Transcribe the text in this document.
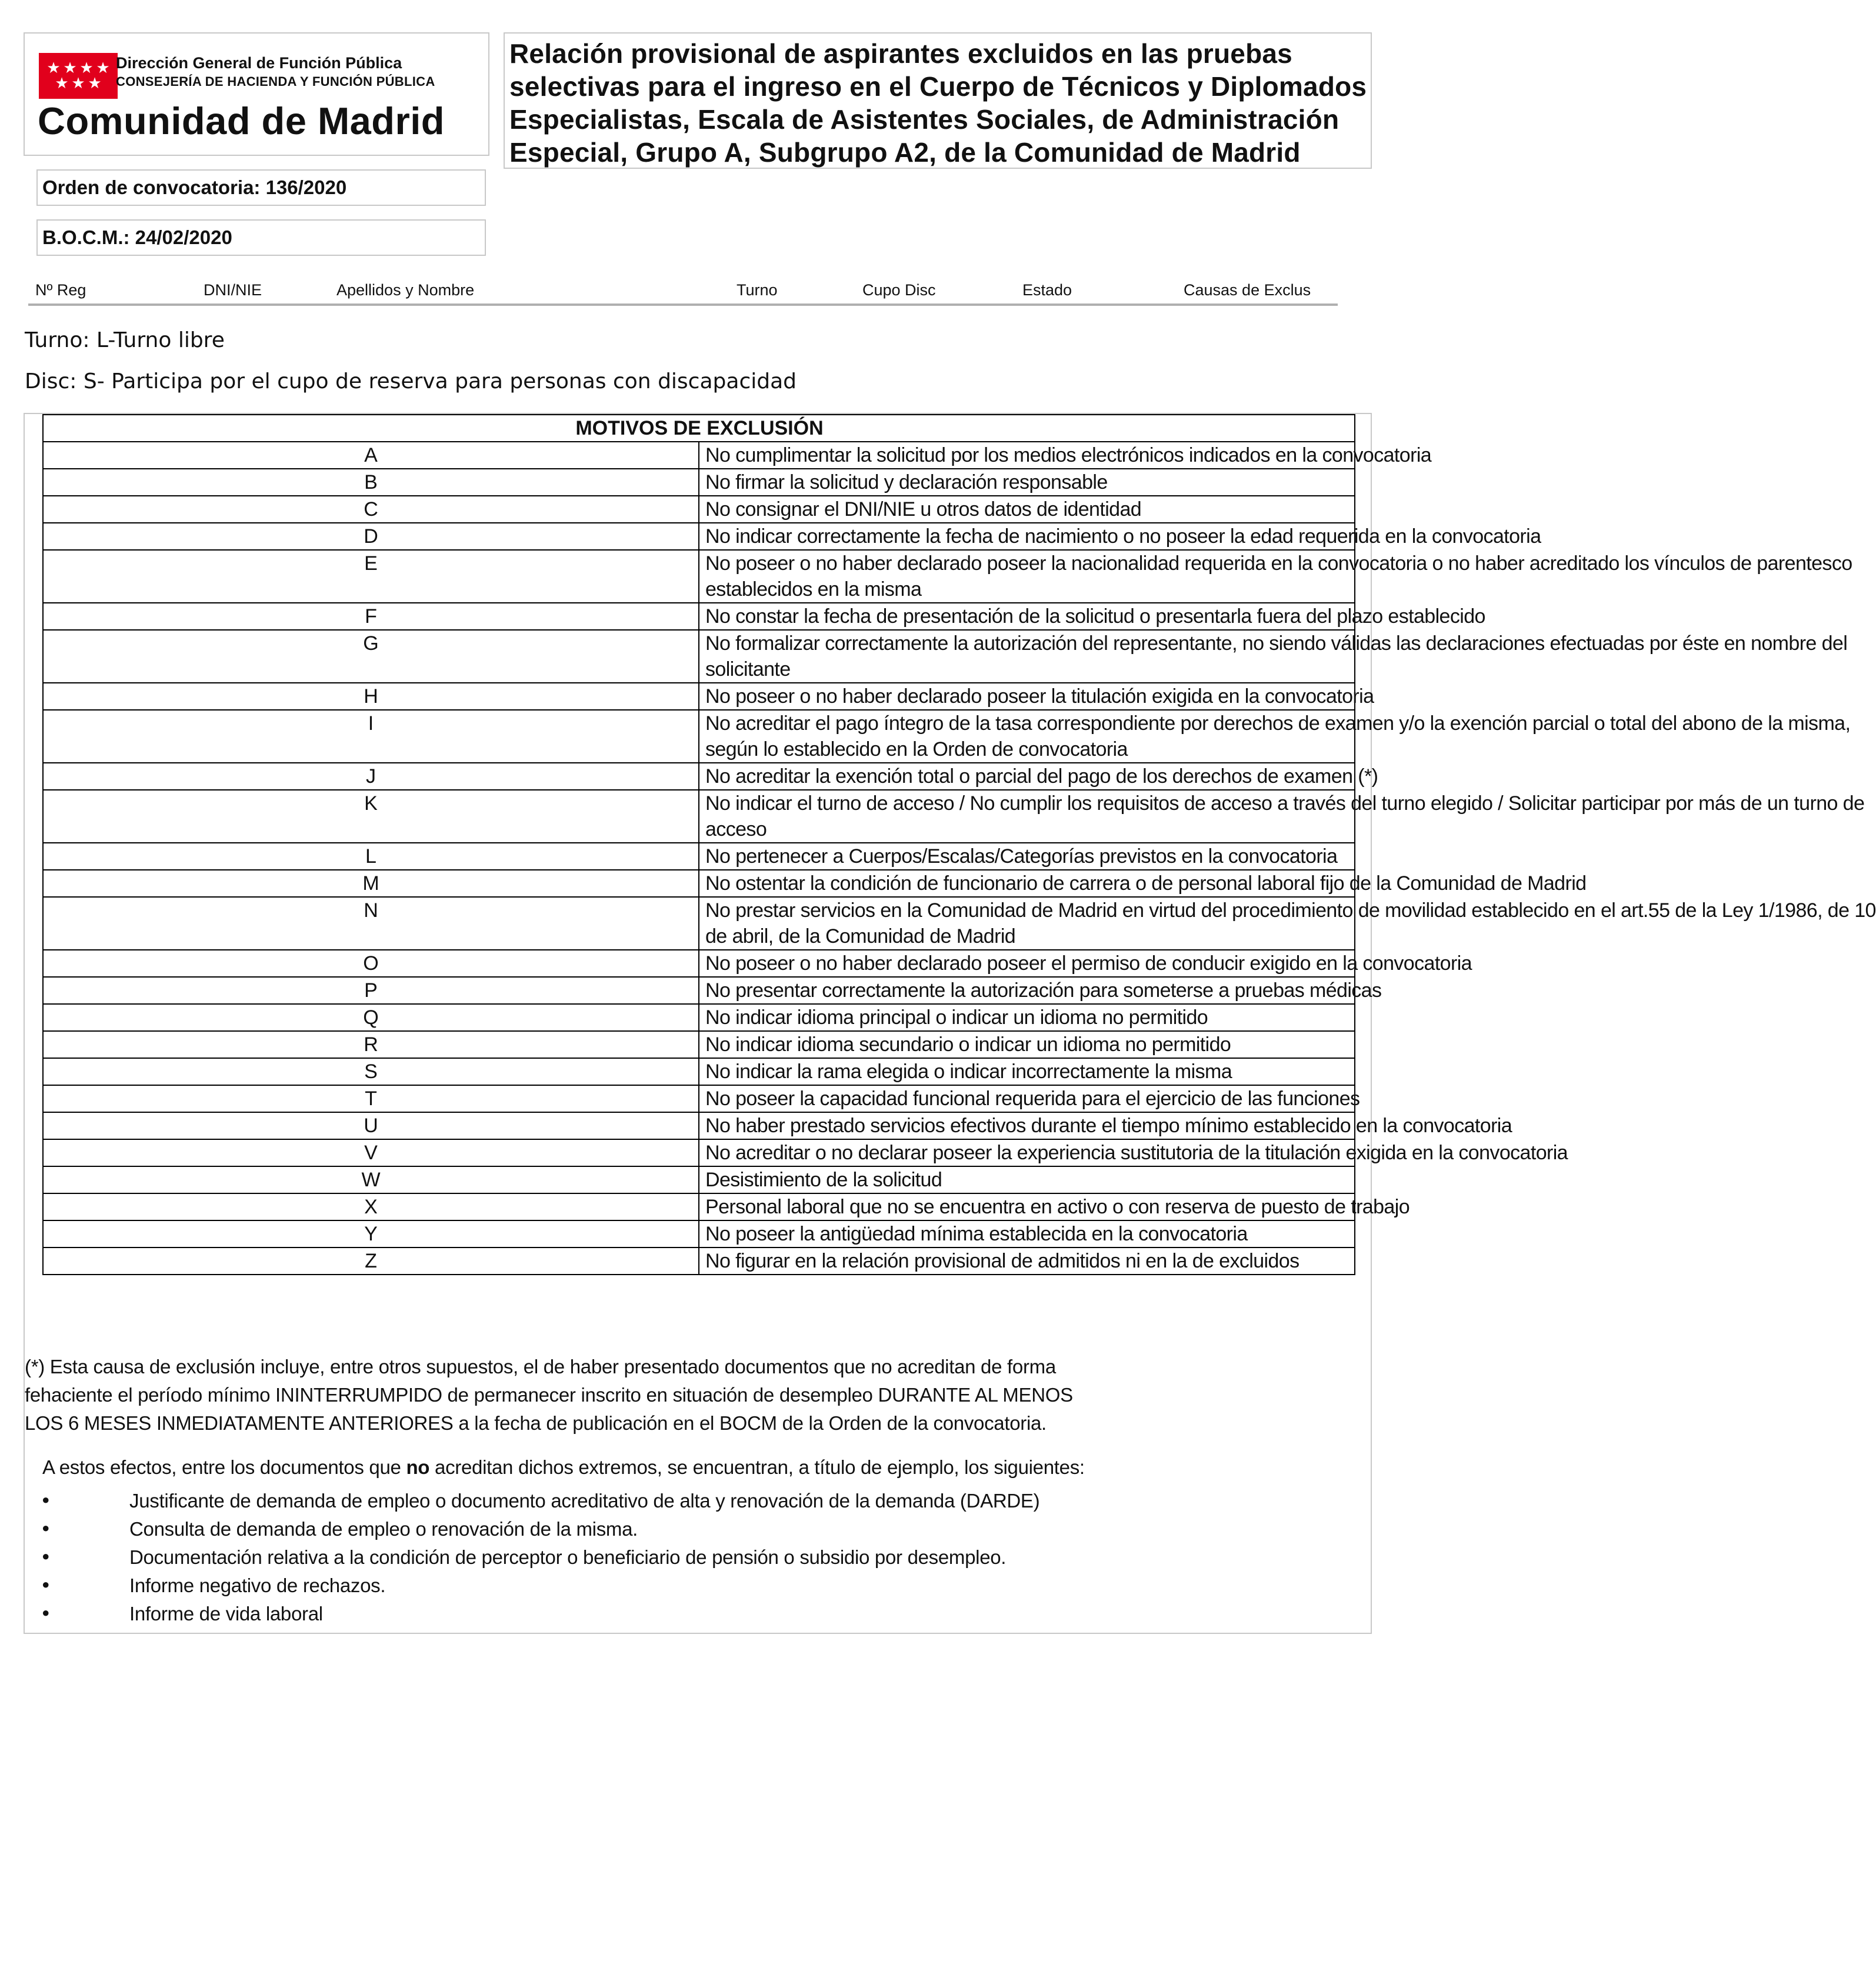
★ ★ ★ ★
★ ★ ★
Dirección General de Función Pública
CONSEJERÍA DE HACIENDA Y FUNCIÓN PÚBLICA
Comunidad de Madrid
Orden de convocatoria: 136/2020
B.O.C.M.: 24/02/2020
Relación provisional de aspirantes excluidos en las pruebas
selectivas para el ingreso en el Cuerpo de Técnicos y Diplomados
Especialistas, Escala de Asistentes Sociales, de Administración
Especial, Grupo A, Subgrupo A2, de la Comunidad de Madrid
Nº Reg	DNI/NIE	Apellidos y Nombre	Turno	Cupo Disc	Estado	Causas de Exclus
Turno: L-Turno libre
Disc: S- Participa por el cupo de reserva para personas con discapacidad
MOTIVOS DE EXCLUSIÓN	
A	No cumplimentar la solicitud por los medios electrónicos indicados en la convocatoria

B	No firmar la solicitud y declaración responsable

C	No consignar el DNI/NIE u otros datos de identidad

D	No indicar correctamente la fecha de nacimiento o no poseer la edad requerida en la convocatoria

E	No poseer o no haber declarado poseer la nacionalidad requerida en la convocatoria o no haber acreditado los vínculos de parentesco
establecidos en la misma

F	No constar la fecha de presentación de la solicitud o presentarla fuera del plazo establecido

G	No formalizar correctamente la autorización del representante, no siendo válidas las declaraciones efectuadas por éste en nombre del
solicitante

H	No poseer o no haber declarado poseer la titulación exigida en la convocatoria

I	No acreditar el pago íntegro de la tasa correspondiente por derechos de examen y/o la exención parcial o total del abono de la misma,
según lo establecido en la Orden de convocatoria

J	No acreditar la exención total o parcial del pago de los derechos de examen (*)

K	No indicar el turno de acceso / No cumplir los requisitos de acceso a través del turno elegido / Solicitar participar por más de un turno de
acceso

L	No pertenecer a Cuerpos/Escalas/Categorías previstos en la convocatoria

M	No ostentar la condición de funcionario de carrera o de personal laboral fijo de la Comunidad de Madrid

N	No prestar servicios en la Comunidad de Madrid en virtud del procedimiento de movilidad establecido en el art.55 de la Ley 1/1986, de 10
de abril, de la Comunidad de Madrid

O	No poseer o no haber declarado poseer el permiso de conducir exigido en la convocatoria

P	No presentar correctamente la autorización para someterse a pruebas médicas

Q	No indicar idioma principal o indicar un idioma no permitido

R	No indicar idioma secundario o indicar un idioma no permitido

S	No indicar la rama elegida o indicar incorrectamente la misma

T	No poseer la capacidad funcional requerida para el ejercicio de las funciones

U	No haber prestado servicios efectivos durante el tiempo mínimo establecido en la convocatoria

V	No acreditar o no declarar poseer la experiencia sustitutoria de la titulación exigida en la convocatoria

W	Desistimiento de la solicitud

X	Personal laboral que no se encuentra en activo o con reserva de puesto de trabajo

Y	No poseer la antigüedad mínima establecida en la convocatoria

Z	No figurar en la relación provisional de admitidos ni en la de excluidos
(*) Esta causa de exclusión incluye, entre otros supuestos, el de haber presentado documentos que no acreditan de forma
fehaciente el período mínimo ININTERRUMPIDO de permanecer inscrito en situación de desempleo DURANTE AL MENOS
LOS 6 MESES INMEDIATAMENTE ANTERIORES a la fecha de publicación en el BOCM de la Orden de la convocatoria.
A estos efectos, entre los documentos que no acreditan dichos extremos, se encuentran, a título de ejemplo, los siguientes:
•	Justificante de demanda de empleo o documento acreditativo de alta y renovación de la demanda (DARDE)
•	Consulta de demanda de empleo o renovación de la misma.
•	Documentación relativa a la condición de perceptor o beneficiario de pensión o subsidio por desempleo.
•	Informe negativo de rechazos.
•	Informe de vida laboral
